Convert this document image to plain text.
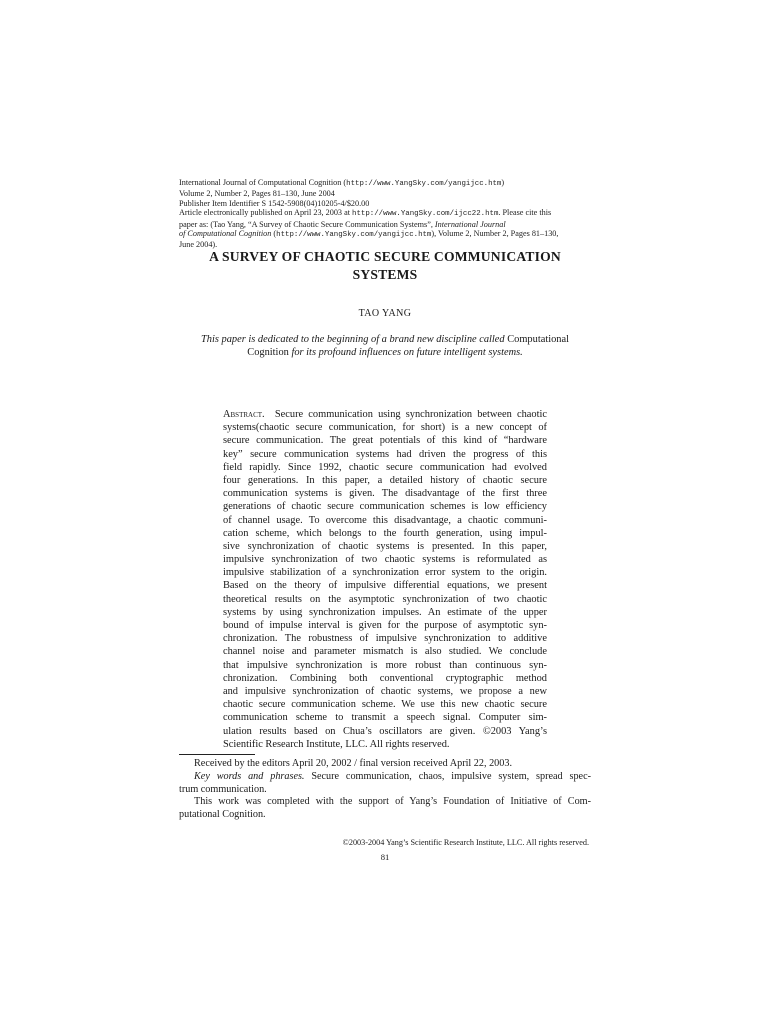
International Journal of Computational Cognition (http://www.YangSky.com/yangijcc.htm)
Volume 2, Number 2, Pages 81–130, June 2004
Publisher Item Identifier S 1542-5908(04)10205-4/$20.00
Article electronically published on April 23, 2003 at http://www.YangSky.com/ijcc22.htm. Please cite this
paper as: (Tao Yang, “A Survey of Chaotic Secure Communication Systems”, International Journal
of Computational Cognition (http://www.YangSky.com/yangijcc.htm), Volume 2, Number 2, Pages 81–130,
June 2004).
A SURVEY OF CHAOTIC SECURE COMMUNICATION
SYSTEMS
TAO YANG
This paper is dedicated to the beginning of a brand new discipline called Computational
Cognition for its profound influences on future intelligent systems.
Abstract. Secure communication using synchronization between chaotic
systems(chaotic secure communication, for short) is a new concept of
secure communication. The great potentials of this kind of “hardware
key” secure communication systems had driven the progress of this
field rapidly. Since 1992, chaotic secure communication had evolved
four generations. In this paper, a detailed history of chaotic secure
communication systems is given. The disadvantage of the first three
generations of chaotic secure communication schemes is low efficiency
of channel usage. To overcome this disadvantage, a chaotic communi-
cation scheme, which belongs to the fourth generation, using impul-
sive synchronization of chaotic systems is presented. In this paper,
impulsive synchronization of two chaotic systems is reformulated as
impulsive stabilization of a synchronization error system to the origin.
Based on the theory of impulsive differential equations, we present
theoretical results on the asymptotic synchronization of two chaotic
systems by using synchronization impulses. An estimate of the upper
bound of impulse interval is given for the purpose of asymptotic syn-
chronization. The robustness of impulsive synchronization to additive
channel noise and parameter mismatch is also studied. We conclude
that impulsive synchronization is more robust than continuous syn-
chronization. Combining both conventional cryptographic method
and impulsive synchronization of chaotic systems, we propose a new
chaotic secure communication scheme. We use this new chaotic secure
communication scheme to transmit a speech signal. Computer sim-
ulation results based on Chua’s oscillators are given. ©2003 Yang’s
Scientific Research Institute, LLC. All rights reserved.
Received by the editors April 20, 2002 / final version received April 22, 2003.
Key words and phrases. Secure communication, chaos, impulsive system, spread spec-
trum communication.
This work was completed with the support of Yang’s Foundation of Initiative of Com-
putational Cognition.
©2003-2004 Yang’s Scientific Research Institute, LLC. All rights reserved.
81
